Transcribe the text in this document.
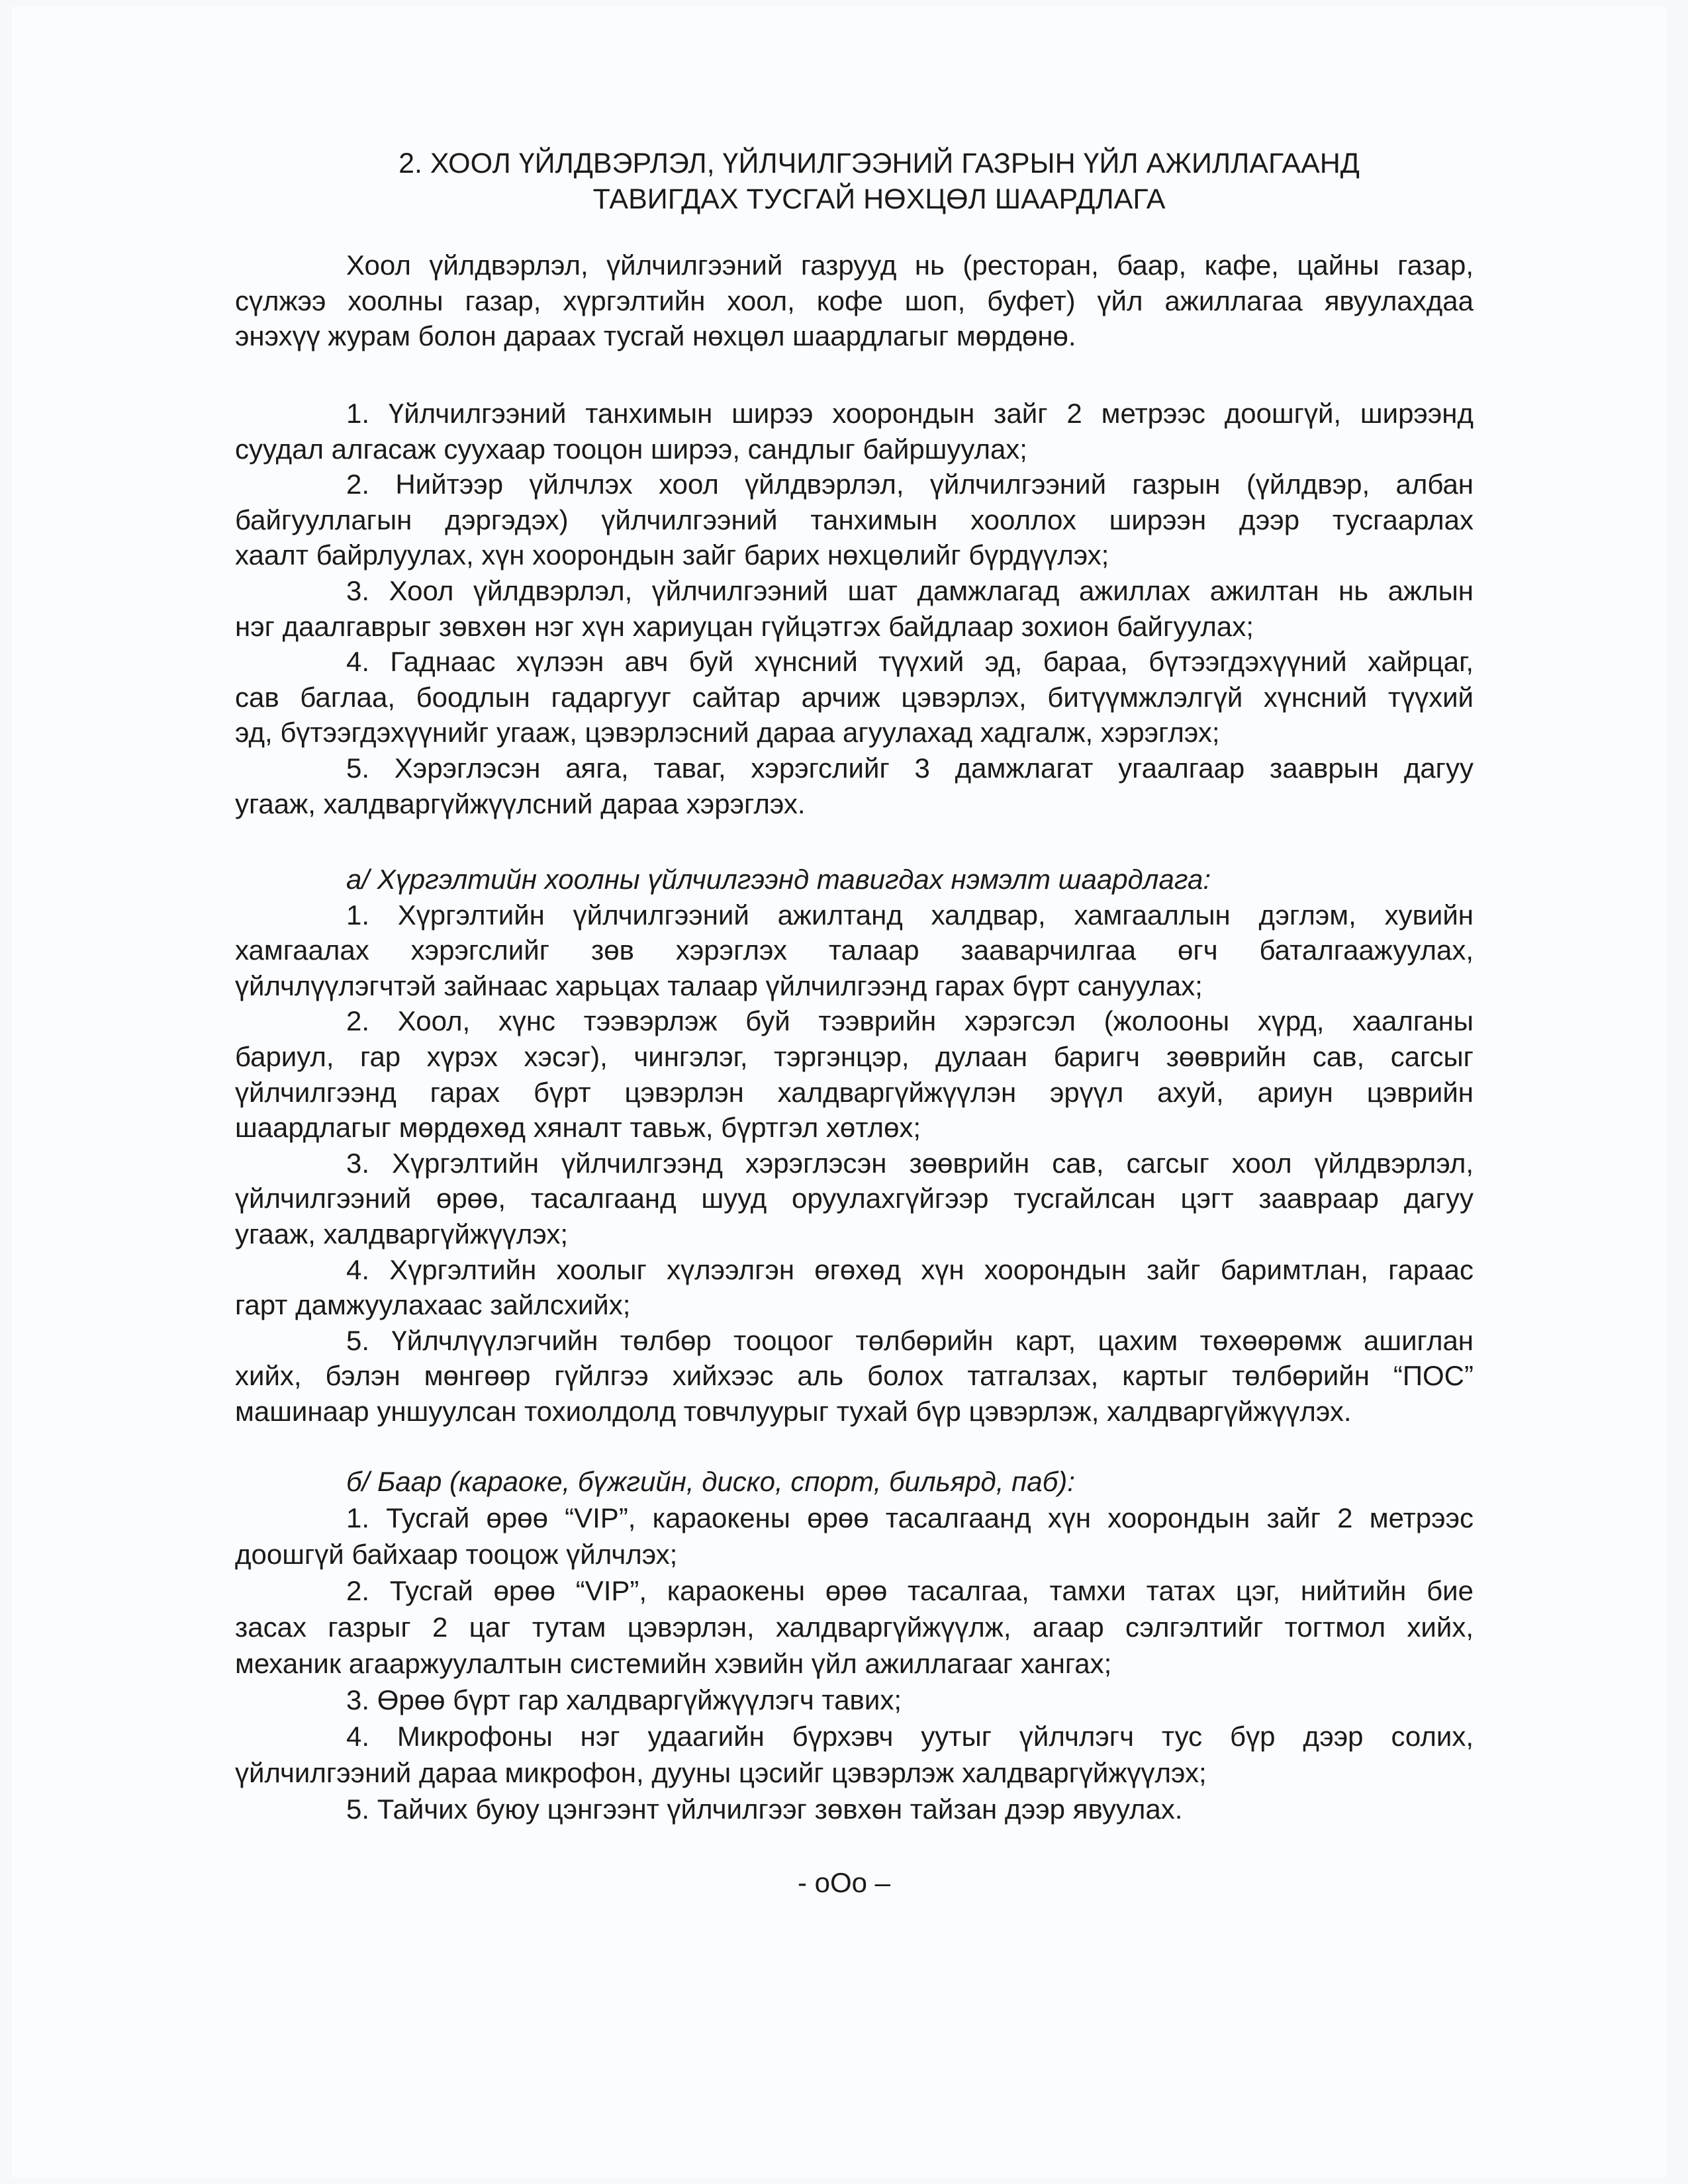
2. ХООЛ ҮЙЛДВЭРЛЭЛ, ҮЙЛЧИЛГЭЭНИЙ ГАЗРЫН ҮЙЛ АЖИЛЛАГААНД
ТАВИГДАХ ТУСГАЙ НӨХЦӨЛ ШААРДЛАГА
Хоол үйлдвэрлэл, үйлчилгээний газрууд нь (ресторан, баар, кафе, цайны газар,
сүлжээ хоолны газар, хүргэлтийн хоол, кофе шоп, буфет) үйл ажиллагаа явуулахдаа
энэхүү журам болон дараах тусгай нөхцөл шаардлагыг мөрдөнө.
1. Үйлчилгээний танхимын ширээ хоорондын зайг 2 метрээс доошгүй, ширээнд
суудал алгасаж суухаар тооцон ширээ, сандлыг байршуулах;
2. Нийтээр үйлчлэх хоол үйлдвэрлэл, үйлчилгээний газрын (үйлдвэр, албан
байгууллагын дэргэдэх) үйлчилгээний танхимын хооллох ширээн дээр тусгаарлах
хаалт байрлуулах, хүн хоорондын зайг барих нөхцөлийг бүрдүүлэх;
3. Хоол үйлдвэрлэл, үйлчилгээний шат дамжлагад ажиллах ажилтан нь ажлын
нэг даалгаврыг зөвхөн нэг хүн хариуцан гүйцэтгэх байдлаар зохион байгуулах;
4. Гаднаас хүлээн авч буй хүнсний түүхий эд, бараа, бүтээгдэхүүний хайрцаг,
сав баглаа, боодлын гадаргууг сайтар арчиж цэвэрлэх, битүүмжлэлгүй хүнсний түүхий
эд, бүтээгдэхүүнийг угааж, цэвэрлэсний дараа агуулахад хадгалж, хэрэглэх;
5. Хэрэглэсэн аяга, таваг, хэрэгслийг 3 дамжлагат угаалгаар зааврын дагуу
угааж, халдваргүйжүүлсний дараа хэрэглэх.
а/ Хүргэлтийн хоолны үйлчилгээнд тавигдах нэмэлт шаардлага:
1. Хүргэлтийн үйлчилгээний ажилтанд халдвар, хамгааллын дэглэм, хувийн
хамгаалах хэрэгслийг зөв хэрэглэх талаар зааварчилгаа өгч баталгаажуулах,
үйлчлүүлэгчтэй зайнаас харьцах талаар үйлчилгээнд гарах бүрт сануулах;
2. Хоол, хүнс тээвэрлэж буй тээврийн хэрэгсэл (жолооны хүрд, хаалганы
бариул, гар хүрэх хэсэг), чингэлэг, тэргэнцэр, дулаан баригч зөөврийн сав, сагсыг
үйлчилгээнд гарах бүрт цэвэрлэн халдваргүйжүүлэн эрүүл ахуй, ариун цэврийн
шаардлагыг мөрдөхөд хяналт тавьж, бүртгэл хөтлөх;
3. Хүргэлтийн үйлчилгээнд хэрэглэсэн зөөврийн сав, сагсыг хоол үйлдвэрлэл,
үйлчилгээний өрөө, тасалгаанд шууд оруулахгүйгээр тусгайлсан цэгт заавраар дагуу
угааж, халдваргүйжүүлэх;
4. Хүргэлтийн хоолыг хүлээлгэн өгөхөд хүн хоорондын зайг баримтлан, гараас
гарт дамжуулахаас зайлсхийх;
5. Үйлчлүүлэгчийн төлбөр тооцоог төлбөрийн карт, цахим төхөөрөмж ашиглан
хийх, бэлэн мөнгөөр гүйлгээ хийхээс аль болох татгалзах, картыг төлбөрийн “ПОС”
машинаар уншуулсан тохиолдолд товчлуурыг тухай бүр цэвэрлэж, халдваргүйжүүлэх.
б/ Баар (караоке, бүжгийн, диско, спорт, бильярд, паб):
1. Тусгай өрөө “VIP”, караокены өрөө тасалгаанд хүн хоорондын зайг 2 метрээс
доошгүй байхаар тооцож үйлчлэх;
2. Тусгай өрөө “VIP”, караокены өрөө тасалгаа, тамхи татах цэг, нийтийн бие
засах газрыг 2 цаг тутам цэвэрлэн, халдваргүйжүүлж, агаар сэлгэлтийг тогтмол хийх,
механик агааржуулалтын системийн хэвийн үйл ажиллагааг хангах;
3. Өрөө бүрт гар халдваргүйжүүлэгч тавих;
4. Микрофоны нэг удаагийн бүрхэвч уутыг үйлчлэгч тус бүр дээр солих,
үйлчилгээний дараа микрофон, дууны цэсийг цэвэрлэж халдваргүйжүүлэх;
5. Тайчих буюу цэнгээнт үйлчилгээг зөвхөн тайзан дээр явуулах.
- oOo –
